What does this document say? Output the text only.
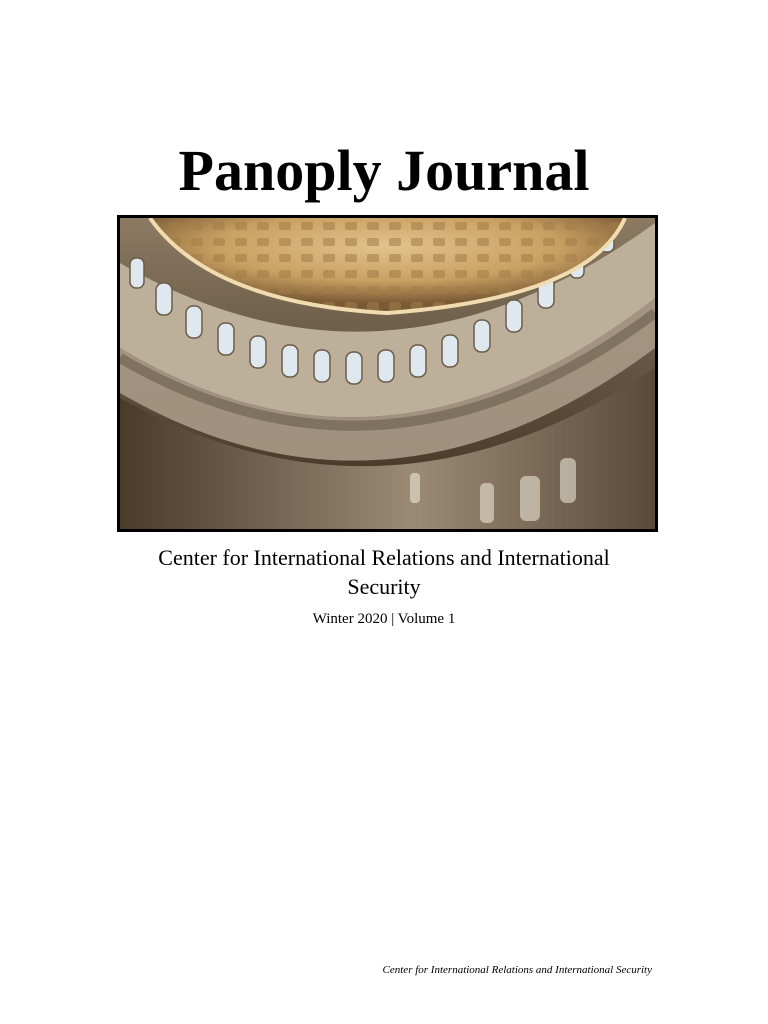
Panoply Journal

Center for International Relations and International Security

Winter 2020 | Volume 1

Center for International Relations and International Security
